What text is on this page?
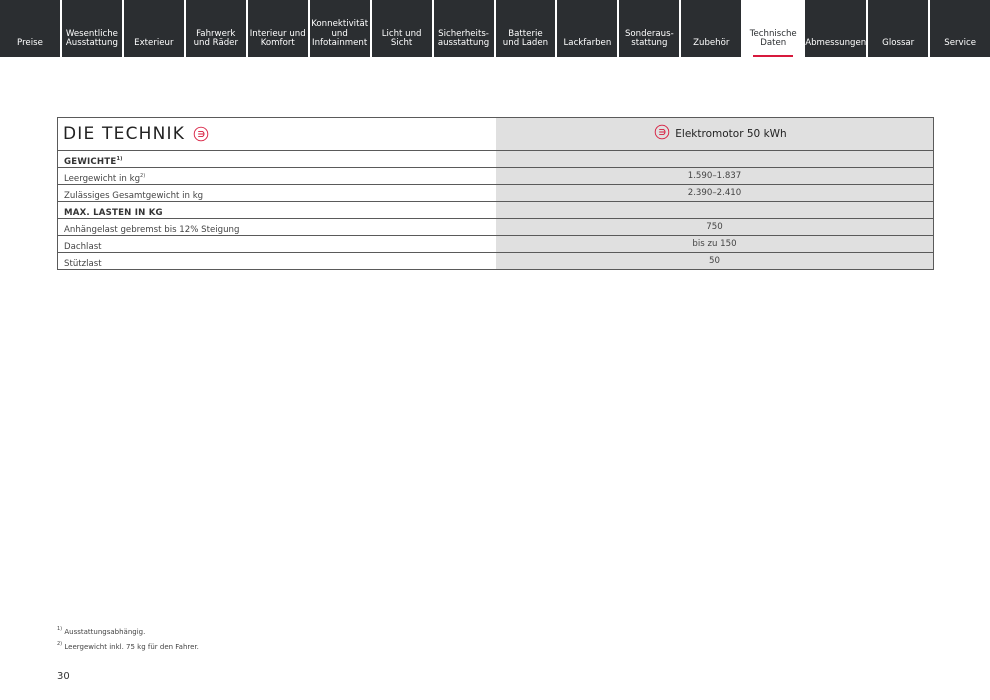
Preise
Wesentliche
Ausstattung	Exterieur
Fahrwerk
und Räder
Interieur und
Komfort
Konnektivität
und
Infotainment
Licht und Sicht
Sicherheits-
ausstattung
Batterie
und Laden	Lackfarben
Sonderaus-
stattung	Zubehör
Technische
Daten	Abmessungen	Glossar	Service
DIE TECHNIK	Elektromotor 50 kWh
GEWICHTE$^{1)}$
Leergewicht in $kg^{2)}$	1.590–1.837
Zulässiges Gesamtgewicht in kg	2.390–2.410
MAX. LASTEN IN KG
Anhängelast gebremst bis 12% Steigung	750
Dachlast	bis zu 150
Stützlast	50
$^{1)}$ Ausstattungsabhängig.
$^{2)}$ Leergewicht inkl. 75 kg für den Fahrer.
30
